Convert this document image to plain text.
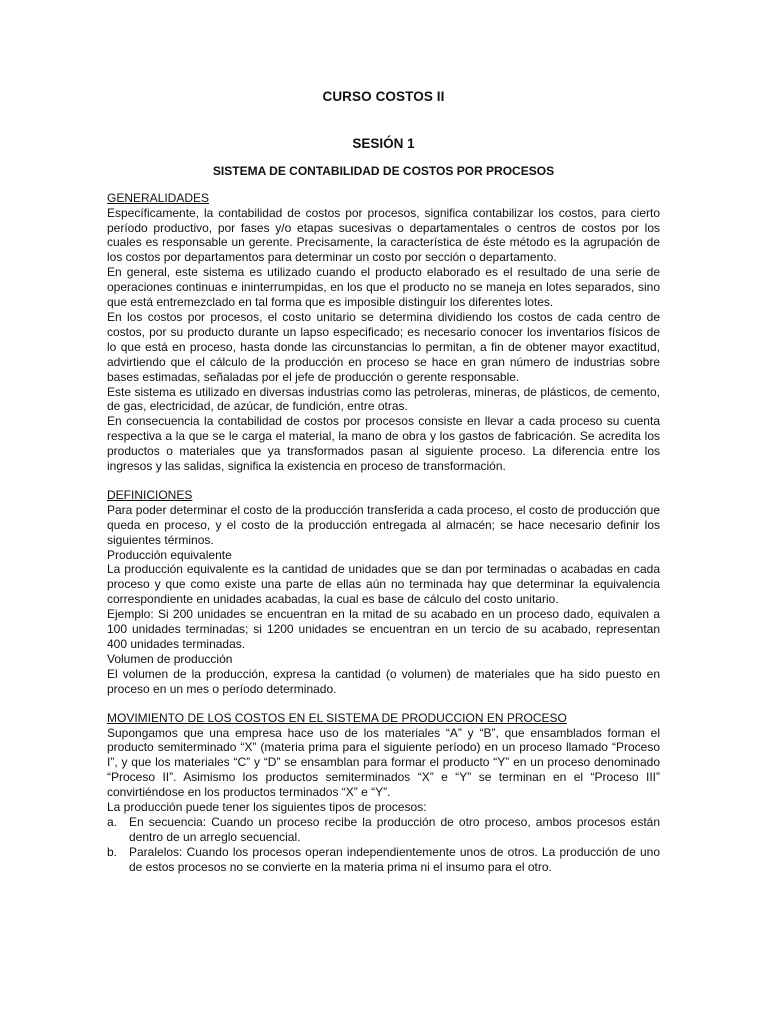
CURSO COSTOS II
SESIÓN 1
SISTEMA DE CONTABILIDAD DE COSTOS POR PROCESOS
GENERALIDADES

Específicamente, la contabilidad de costos por procesos, significa contabilizar los costos, para cierto período productivo, por fases y/o etapas sucesivas o departamentales o centros de costos por los cuales es responsable un gerente. Precisamente, la característica de éste método es la agrupación de los costos por departamentos para determinar un costo por sección o departamento.

En general, este sistema es utilizado cuando el producto elaborado es el resultado de una serie de operaciones continuas e ininterrumpidas, en los que el producto no se maneja en lotes separados, sino que está entremezclado en tal forma que es imposible distinguir los diferentes lotes.

En los costos por procesos, el costo unitario se determina dividiendo los costos de cada centro de costos, por su producto durante un lapso especificado; es necesario conocer los inventarios físicos de lo que está en proceso, hasta donde las circunstancias lo permitan, a fin de obtener mayor exactitud, advirtiendo que el cálculo de la producción en proceso se hace en gran número de industrias sobre bases estimadas, señaladas por el jefe de producción o gerente responsable.

Este sistema es utilizado en diversas industrias como las petroleras, mineras, de plásticos, de cemento, de gas, electricidad, de azúcar, de fundición, entre otras.

En consecuencia la contabilidad de costos por procesos consiste en llevar a cada proceso su cuenta respectiva a la que se le carga el material, la mano de obra y los gastos de fabricación. Se acredita los productos o materiales que ya transformados pasan al siguiente proceso. La diferencia entre los ingresos y las salidas, significa la existencia en proceso de transformación.

DEFINICIONES

Para poder determinar el costo de la producción transferida a cada proceso, el costo de producción que queda en proceso, y el costo de la producción entregada al almacén; se hace necesario definir los siguientes términos.

Producción equivalente

La producción equivalente es la cantidad de unidades que se dan por terminadas o acabadas en cada proceso y que como existe una parte de ellas aún no terminada hay que determinar la equivalencia correspondiente en unidades acabadas, la cual es base de cálculo del costo unitario.

Ejemplo: Si 200 unidades se encuentran en la mitad de su acabado en un proceso dado, equivalen a 100 unidades terminadas; si 1200 unidades se encuentran en un tercio de su acabado, representan 400 unidades terminadas.

Volumen de producción

El volumen de la producción, expresa la cantidad (o volumen) de materiales que ha sido puesto en proceso en un mes o período determinado.

MOVIMIENTO DE LOS COSTOS EN EL SISTEMA DE PRODUCCION EN PROCESO

Supongamos que una empresa hace uso de los materiales “A” y “B”, que ensamblados forman el producto semiterminado “X” (materia prima para el siguiente período) en un proceso llamado “Proceso I”, y que los materiales “C” y “D” se ensamblan para formar el producto “Y” en un proceso denominado “Proceso II”. Asimismo los productos semiterminados “X” e “Y” se terminan en el “Proceso III” convirtiéndose en los productos terminados “X” e “Y”.

La producción puede tener los siguientes tipos de procesos:

a. En secuencia: Cuando un proceso recibe la producción de otro proceso, ambos procesos están dentro de un arreglo secuencial.
b. Paralelos: Cuando los procesos operan independientemente unos de otros. La producción de uno de estos procesos no se convierte en la materia prima ni el insumo para el otro.
